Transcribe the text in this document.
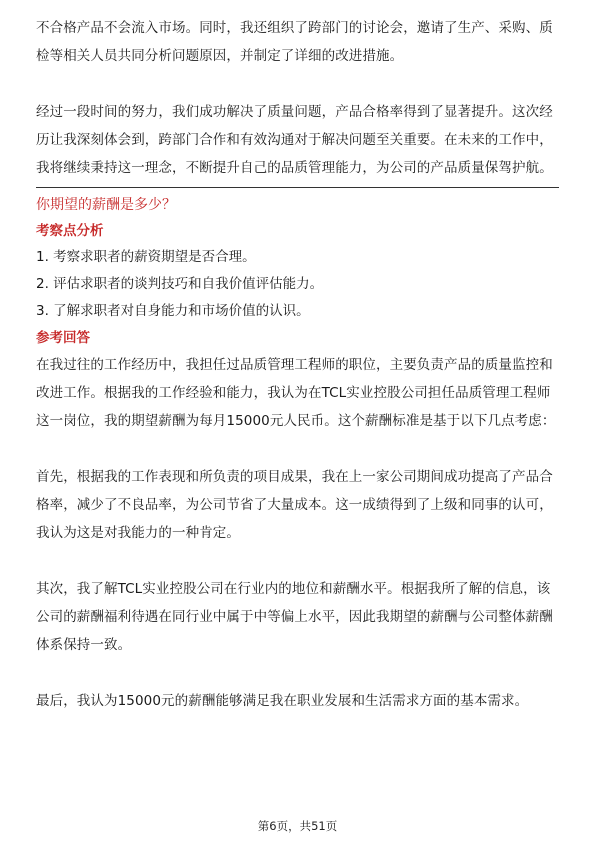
不合格产品不会流入市场。同时，我还组织了跨部门的讨论会，邀请了生产、采购、质检等相关人员共同分析问题原因，并制定了详细的改进措施。

经过一段时间的努力，我们成功解决了质量问题，产品合格率得到了显著提升。这次经历让我深刻体会到，跨部门合作和有效沟通对于解决问题至关重要。在未来的工作中，我将继续秉持这一理念，不断提升自己的品质管理能力，为公司的产品质量保驾护航。

你期望的薪酬是多少？

考察点分析

1. 考察求职者的薪资期望是否合理。

2. 评估求职者的谈判技巧和自我价值评估能力。

3. 了解求职者对自身能力和市场价值的认识。

参考回答

在我过往的工作经历中，我担任过品质管理工程师的职位，主要负责产品的质量监控和改进工作。根据我的工作经验和能力，我认为在TCL实业控股公司担任品质管理工程师这一岗位，我的期望薪酬为每月15000元人民币。这个薪酬标准是基于以下几点考虑：

首先，根据我的工作表现和所负责的项目成果，我在上一家公司期间成功提高了产品合格率，减少了不良品率，为公司节省了大量成本。这一成绩得到了上级和同事的认可，我认为这是对我能力的一种肯定。

其次，我了解TCL实业控股公司在行业内的地位和薪酬水平。根据我所了解的信息，该公司的薪酬福利待遇在同行业中属于中等偏上水平，因此我期望的薪酬与公司整体薪酬体系保持一致。

最后，我认为15000元的薪酬能够满足我在职业发展和生活需求方面的基本需求。

第6页，共51页
